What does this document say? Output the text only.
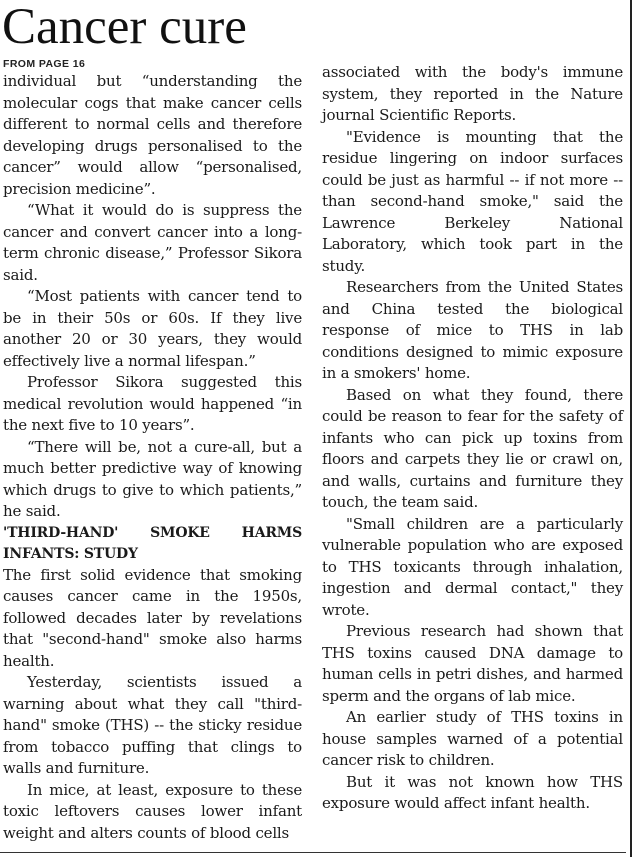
Cancer cure

FROM PAGE 16

individual but “understanding the molecular cogs that make cancer cells different to normal cells and therefore developing drugs personalised to the cancer” would allow “personalised, precision medicine”.

“What it would do is suppress the cancer and convert cancer into a long-term chronic disease,” Professor Sikora said.

“Most patients with cancer tend to be in their 50s or 60s. If they live another 20 or 30 years, they would effectively live a normal lifespan.”

Professor Sikora suggested this medical revolution would happened “in the next five to 10 years”.

“There will be, not a cure-all, but a much better predictive way of knowing which drugs to give to which patients,” he said.

'THIRD-HAND' SMOKE HARMS INFANTS: STUDY

The first solid evidence that smoking causes cancer came in the 1950s, followed decades later by revelations that "second-hand" smoke also harms health.

Yesterday, scientists issued a warning about what they call "third-hand" smoke (THS) -- the sticky residue from tobacco puffing that clings to walls and furniture.

In mice, at least, exposure to these toxic leftovers causes lower infant weight and alters counts of blood cells

associated with the body's immune system, they reported in the Nature journal Scientific Reports.

"Evidence is mounting that the residue lingering on indoor surfaces could be just as harmful -- if not more -- than second-hand smoke," said the Lawrence Berkeley National Laboratory, which took part in the study.

Researchers from the United States and China tested the biological response of mice to THS in lab conditions designed to mimic exposure in a smokers' home.

Based on what they found, there could be reason to fear for the safety of infants who can pick up toxins from floors and carpets they lie or crawl on, and walls, curtains and furniture they touch, the team said.

"Small children are a particularly vulnerable population who are exposed to THS toxicants through inhalation, ingestion and dermal contact," they wrote.

Previous research had shown that THS toxins caused DNA damage to human cells in petri dishes, and harmed sperm and the organs of lab mice.

An earlier study of THS toxins in house samples warned of a potential cancer risk to children.

But it was not known how THS exposure would affect infant health.
